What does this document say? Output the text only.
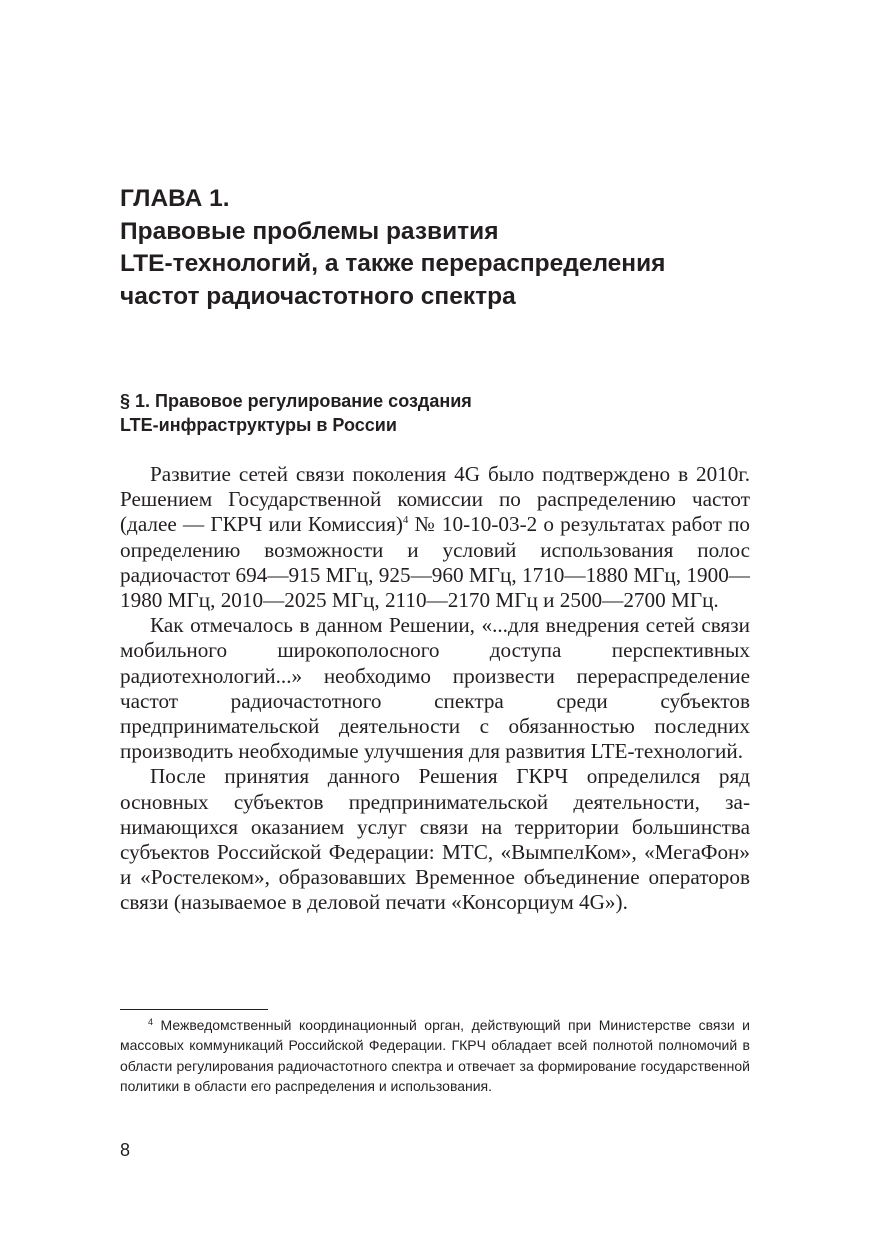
ГЛАВА 1.
Правовые проблемы развития
LTE-технологий, а также перераспределения
частот радиочастотного спектра
§ 1. Правовое регулирование создания
LTE-инфраструктуры в России

Развитие сетей связи поколения 4G было подтверждено в 2010г. Решением Государственной комиссии по распределению частот (далее — ГКРЧ или Комиссия)$^4$ № 10-10-03-2 о результатах работ по определению возможности и условий использования полос радиочастот 694—915 МГц, 925—960 МГц, 1710—1880 МГц, 1900—1980 МГц, 2010—2025 МГц, 2110—2170 МГц и 2500—2700 МГц.

Как отмечалось в данном Решении, «...для внедрения сетей связи мобильного широкополосного доступа перспективных радиотехнологий...» необходимо произвести перераспределение частот радиочастотного спектра среди субъектов предпринимательской деятельности с обязанностью последних производить необходимые улучшения для развития LTE-технологий.

После принятия данного Решения ГКРЧ определился ряд основных субъектов предпринимательской деятельности, занимающихся оказанием услуг связи на территории большинства субъектов Российской Федерации: МТС, «ВымпелКом», «МегаФон» и «Ростелеком», образовавших Временное объединение операторов связи (называемое в деловой печати «Консорциум 4G»).

$^4$ Межведомственный координационный орган, действующий при Министерстве связи и массовых коммуникаций Российской Федерации. ГКРЧ обладает всей полнотой полномочий в области регулирования радиочастотного спектра и отвечает за формирование государственной политики в области его распределения и использования.

8
